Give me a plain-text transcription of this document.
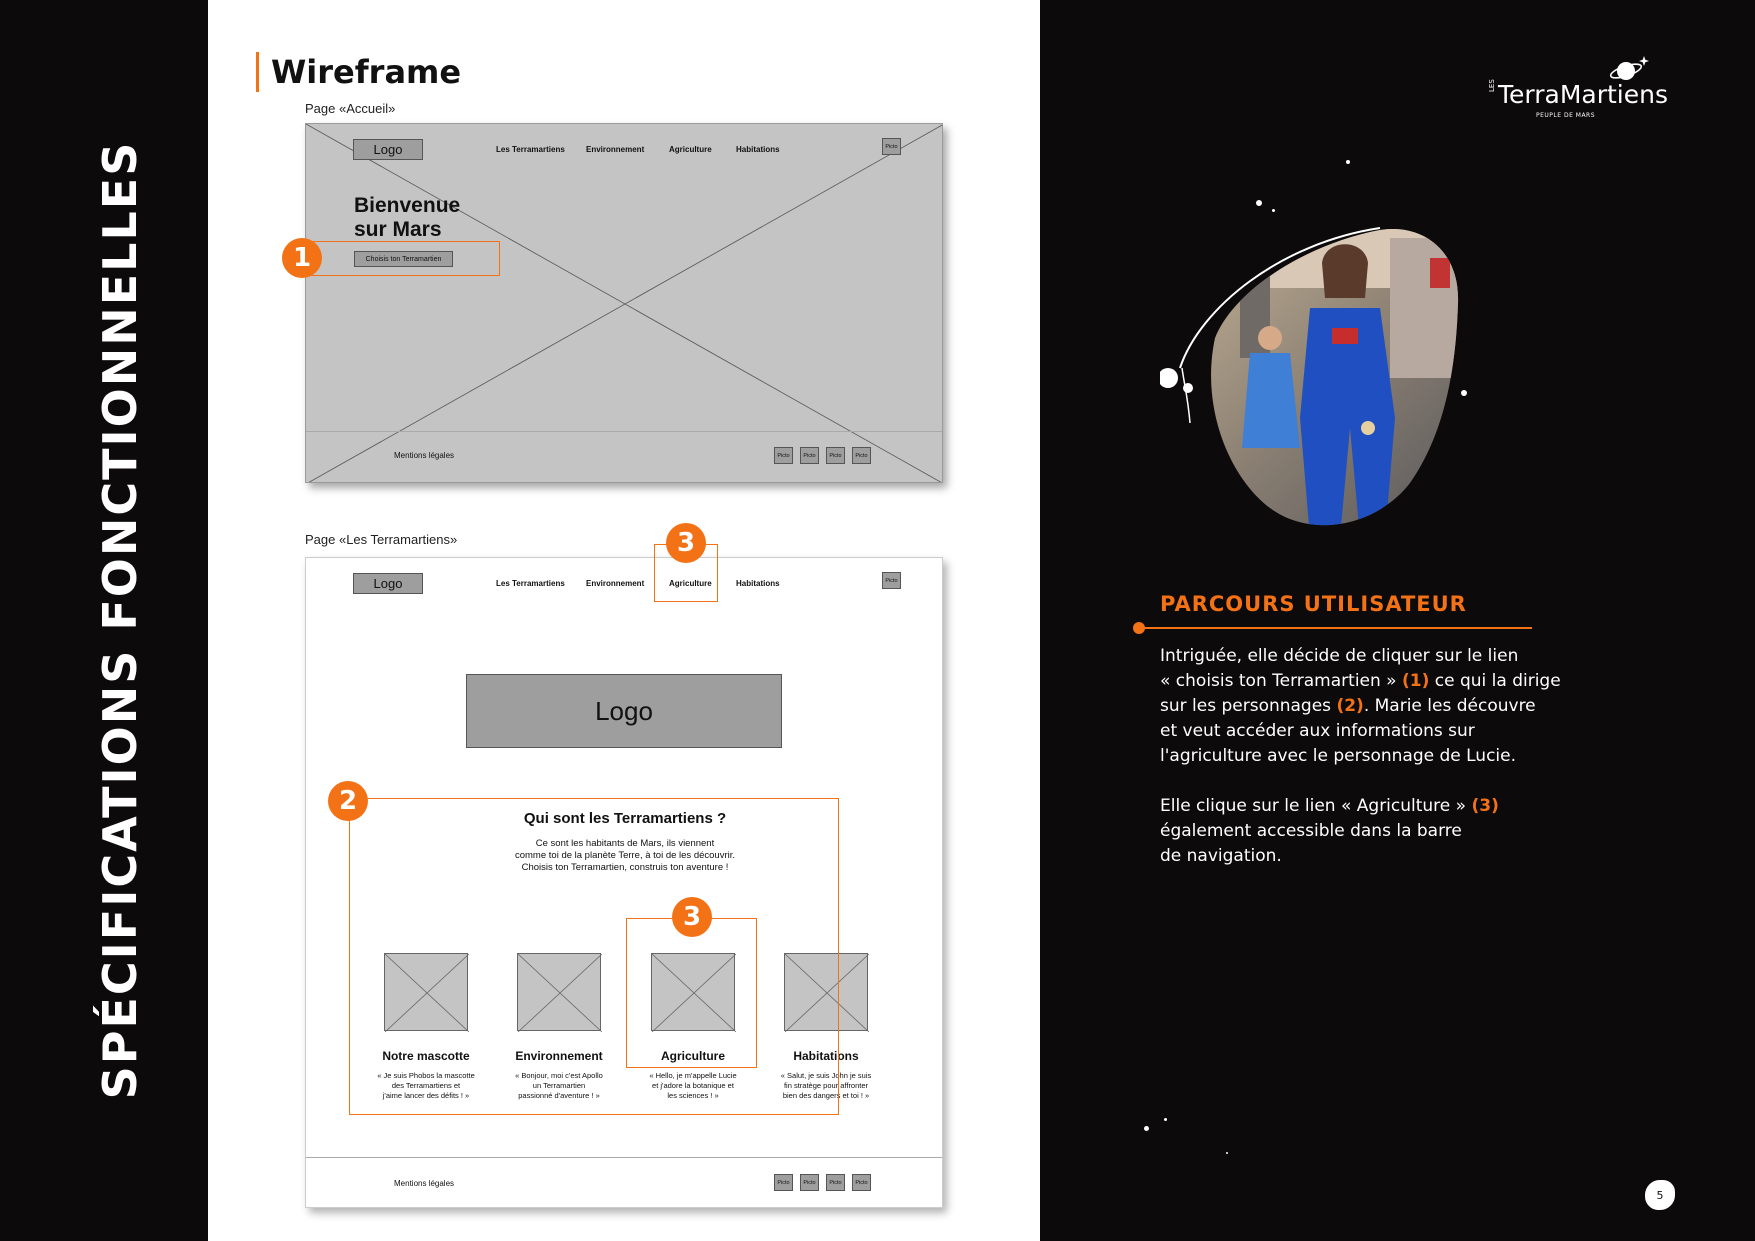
SPÉCIFICATIONS FONCTIONNELLES
Wireframe
Page «Accueil»
Logo	Les Terramartiens	Environnement	Agriculture	Habitations	Picto
Bienvenue
sur Mars
Choisis ton Terramartien
Mentions légales	Picto	Picto	Picto	Picto
1
Page «Les Terramartiens»
Logo	Les Terramartiens	Environnement	Agriculture	Habitations	Picto
Logo
Qui sont les Terramartiens ?
Ce sont les habitants de Mars, ils viennent
comme toi de la planète Terre, à toi de les découvrir.
Choisis ton Terramartien, construis ton aventure !
Notre mascotte	Environnement	Agriculture	Habitations
« Je suis Phobos la mascotte
des Terramartiens et
j'aime lancer des défits ! »
« Bonjour, moi c'est Apollo
un Terramartien
passionné d'aventure ! »
« Hello, je m'appelle Lucie
et j'adore la botanique et
les sciences ! »
« Salut, je suis John je suis
fin stratège pour affronter
bien des dangers et toi ! »
Mentions légales	Picto	Picto	Picto	Picto
3
2
3
LES TerraMartiens
PEUPLE DE MARS
PARCOURS UTILISATEUR
Intriguée, elle décide de cliquer sur le lien
« choisis ton Terramartien » (1) ce qui la dirige
sur les personnages (2). Marie les découvre
et veut accéder aux informations sur
l'agriculture avec le personnage de Lucie.
Elle clique sur le lien « Agriculture » (3)
également accessible dans la barre
de navigation.
5
